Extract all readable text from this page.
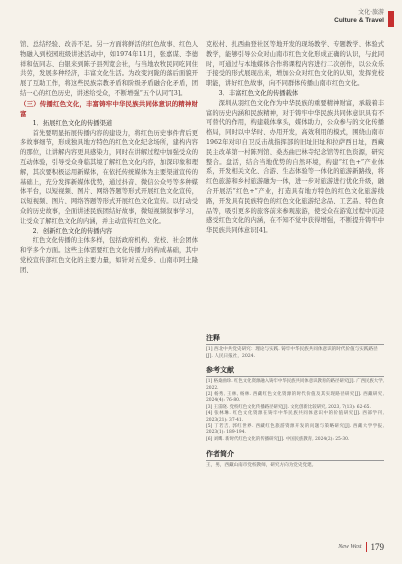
文化·旅游
Culture & Travel

馆、总结经验、改善不足。另一方面将鲜活的红色故事、红色人物融入到校园班级讲述活动中，如1974年11月，张嘉谋、李德祥和伍同志、白银来到陈子县列宽会社，与当地农牧民同吃同住共劳，发展多种经济，丰富文化生活。为改变河陇的落后面貌开展了互助工作，将这些民族宗教矛盾和阶级矛盾融合化矛盾，团结一心的红色历史，讲述给受众，不断增强“五个认同”[3]。

（三）传播红色文化，丰富铸牢中华民族共同体意识的精神财富

1．拓展红色文化的传播渠道

首先要明显拓展传播内容的建设力，将红色历史事件背后更多故事细节，形成独具地方特色的红色文化纪念场所，建构内容的那位，让讲解内容更具感染力，同时在讲解过程中加强受众的互动体验，引导受众身临其境了解红色文化内容，加深印象和理解，其次要积极运用新媒体，在依托传统媒体为主要渠道宣传的基础上，充分发挥新媒体优势，通过抖音、微信公众号等多种媒体平台，以短视频、图片、网络答题等形式开展红色文化宣传，以短视频、图片、网络答题等形式开展红色文化宣传。以打动受众的历史故事，全面讲述民族团结好故事，微短视频叙事学习，让受众了解红色文化的内涵，并主动宣传红色文化。

2．创新红色文化的传播内容

红色文化传播的主体多样，包括政府机构、党校、社会团体和学多个方面。这些主体需要红色文化传播力的构成基础，其中党校宣传部红色文化的主要力量，如针对五爱乡、山南市阿土隆团、

克松村、扎西曲登社区等地开发的现场教学、专题教学、体验式教学，能够引导公众对山南市红色文化形成正确的认识，与此同时，可通过与本地媒体合作将课程内容进行二次创作，以公众乐于接受的形式展现出来，增加公众对红色文化的认知，发挥党校职能，讲好红色故事，向不同群体传播山南市红色文化。

3．丰富红色文化的传播载体

深圳从羽红色文化作为中华民族的重要精神财富，承载着丰富的历史内涵和民族精神，对于铸牢中华民族共同体意识具有不可替代的作用，构建载体拿头，媒体助力，公众参与的文化传播格局，同时以中华时、办用开发，高效利用的模式，围绕山南市1962年对印自卫反击战指挥部的旧址旧址和拉萨西日址，西藏民主改革第一村陈列馆、桑杰曲巴林寺纪念馆等红色资源，研究整合。盘活，结合当地优势的自然环境，构建“红色+”产业体系，开发相关文化、合游、生态体验等一体化的旅游新路线，将红色旅游和乡村旅游融为一体，进一步对旅游进行优化升级，融合开展活“红色+”产业，打造具有地方特色的红色文化旅游线路，开发具有民族特色的红色文化旅游纪念品、工艺品、特色食品等，吸引更多的旅客前来参观旅游，使受众在游览过程中沉浸感受红色文化的内涵，在不知不觉中获得增强，不断提升铸牢中华民族共同体意识[4]。

注释
[1] 西北中共党史研究：理论与实践. 铸牢中华民族共同体意识的时代价值与实践路径[J]. 人民日报社，2024.
参考文献
[1] 格桑曲珍. 红色文化资源融入铸牢中华民族共同体意识教育的路径研究[J]. 广西民族大学, 2022.
[2] 杨秀, 王林, 杨林. 西藏红色文化资源的时代价值及其实现路径研究[J]. 西藏研究, 2024(4): 76-80.
[3] 王雷晓. 党校红色文化传播路径研究[J]. 文化创新比较研究, 2023, 7(13): 62-65.
[4] 张林琳. 红色文化资源在铸牢中华民族共同体意识中的价值研究[J]. 西部学刊, 2023(21): 37-41.
[5] 丁若吉, 郭红世界. 西藏红色旅游资源开发的问题与策略研究[J]. 西藏大学学报, 2023(1): 189-194.
[6] 刘鹰. 新时代红色文化的传播研究[J]. 中国民族教育, 2024(2): 25-30.
作者简介
王，男，西藏山南市党校教师，研究方向为党史党建。
New West 179
